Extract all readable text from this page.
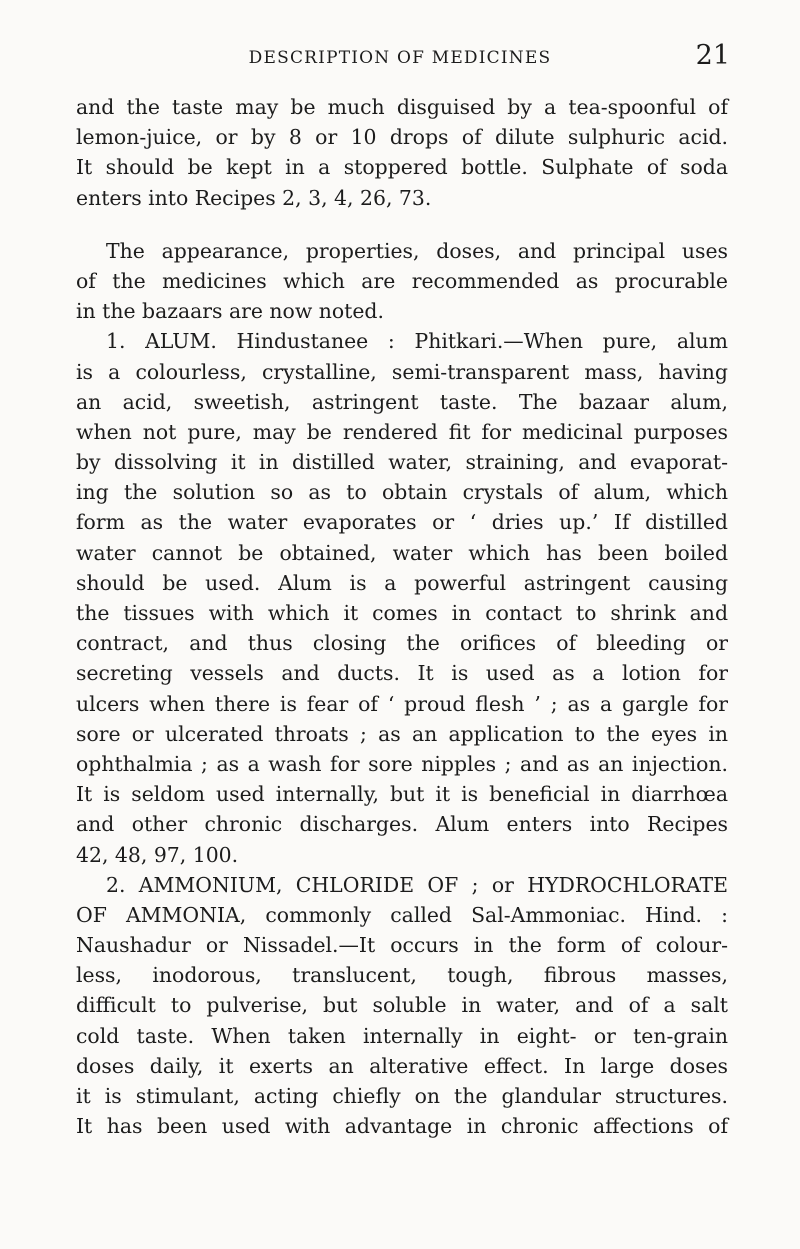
DESCRIPTION OF MEDICINES	21
and the taste may be much disguised by a tea-spoonful of
lemon-juice, or by 8 or 10 drops of dilute sulphuric acid.
It should be kept in a stoppered bottle. Sulphate of soda
enters into Recipes 2, 3, 4, 26, 73.
The appearance, properties, doses, and principal uses
of the medicines which are recommended as procurable
in the bazaars are now noted.
1. ALUM. Hindustanee : Phitkari.—When pure, alum
is a colourless, crystalline, semi-transparent mass, having
an acid, sweetish, astringent taste. The bazaar alum,
when not pure, may be rendered fit for medicinal purposes
by dissolving it in distilled water, straining, and evaporat-
ing the solution so as to obtain crystals of alum, which
form as the water evaporates or ‘ dries up.’ If distilled
water cannot be obtained, water which has been boiled
should be used. Alum is a powerful astringent causing
the tissues with which it comes in contact to shrink and
contract, and thus closing the orifices of bleeding or
secreting vessels and ducts. It is used as a lotion for
ulcers when there is fear of ‘ proud flesh ’ ; as a gargle for
sore or ulcerated throats ; as an application to the eyes in
ophthalmia ; as a wash for sore nipples ; and as an injection.
It is seldom used internally, but it is beneficial in diarrhœa
and other chronic discharges. Alum enters into Recipes
42, 48, 97, 100.
2. AMMONIUM, CHLORIDE OF ; or HYDROCHLORATE
OF AMMONIA, commonly called Sal-Ammoniac. Hind. :
Naushadur or Nissadel.—It occurs in the form of colour-
less, inodorous, translucent, tough, fibrous masses,
difficult to pulverise, but soluble in water, and of a salt
cold taste. When taken internally in eight- or ten-grain
doses daily, it exerts an alterative effect. In large doses
it is stimulant, acting chiefly on the glandular structures.
It has been used with advantage in chronic affections of
